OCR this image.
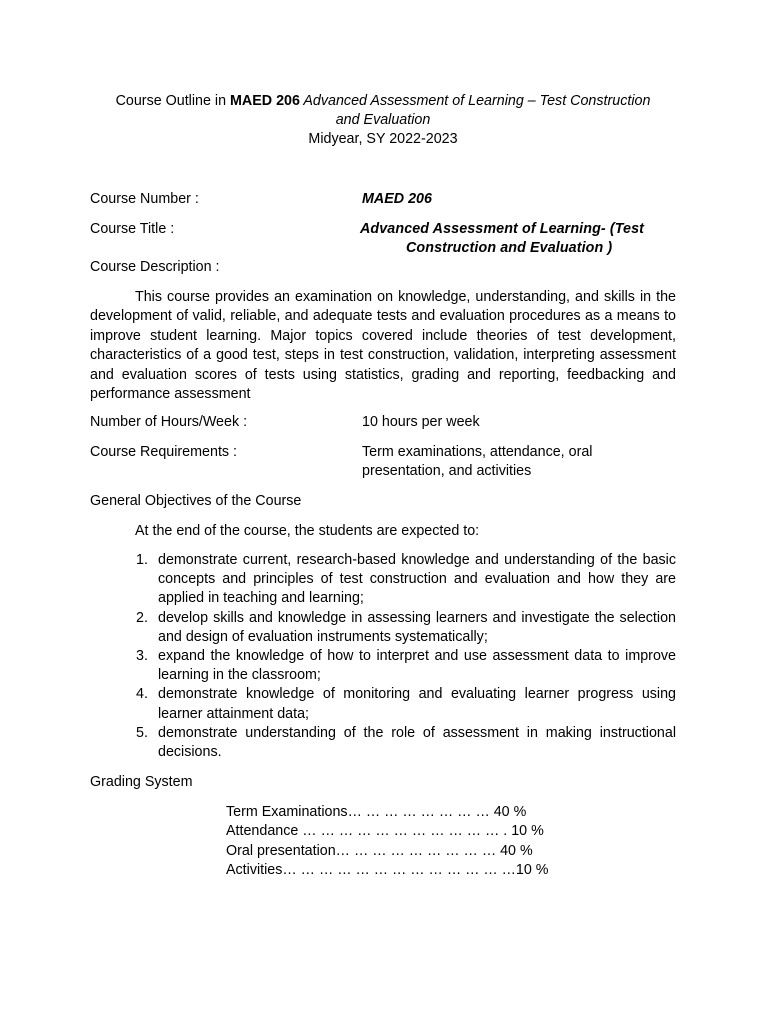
Course Outline in MAED 206 Advanced Assessment of Learning – Test Construction
and Evaluation
Midyear, SY 2022-2023
Course Number :	MAED 206
Course Title :	Advanced Assessment of Learning- (Test
Construction and Evaluation )
Course Description :
This course provides an examination on knowledge, understanding, and skills in the development of valid, reliable, and adequate tests and evaluation procedures as a means to improve student learning. Major topics covered include theories of test development, characteristics of a good test, steps in test construction, validation, interpreting assessment and evaluation scores of tests using statistics, grading and reporting, feedbacking and performance assessment
Number of Hours/Week :	10 hours per week
Course Requirements :	Term examinations, attendance, oral
presentation, and activities
General Objectives of the Course
At the end of the course, the students are expected to:
1. demonstrate current, research-based knowledge and understanding of the basic concepts and principles of test construction and evaluation and how they are applied in teaching and learning;
2. develop skills and knowledge in assessing learners and investigate the selection and design of evaluation instruments systematically;
3. expand the knowledge of how to interpret and use assessment data to improve learning in the classroom;
4. demonstrate knowledge of monitoring and evaluating learner progress using learner attainment data;
5. demonstrate understanding of the role of assessment in making instructional decisions.
Grading System
Term Examinations… … … … … … … … 40 %
Attendance … … … … … … … … … … … . 10 %
Oral presentation… … … … … … … … … 40 %
Activities… … … … … … … … … … … … …10 %
